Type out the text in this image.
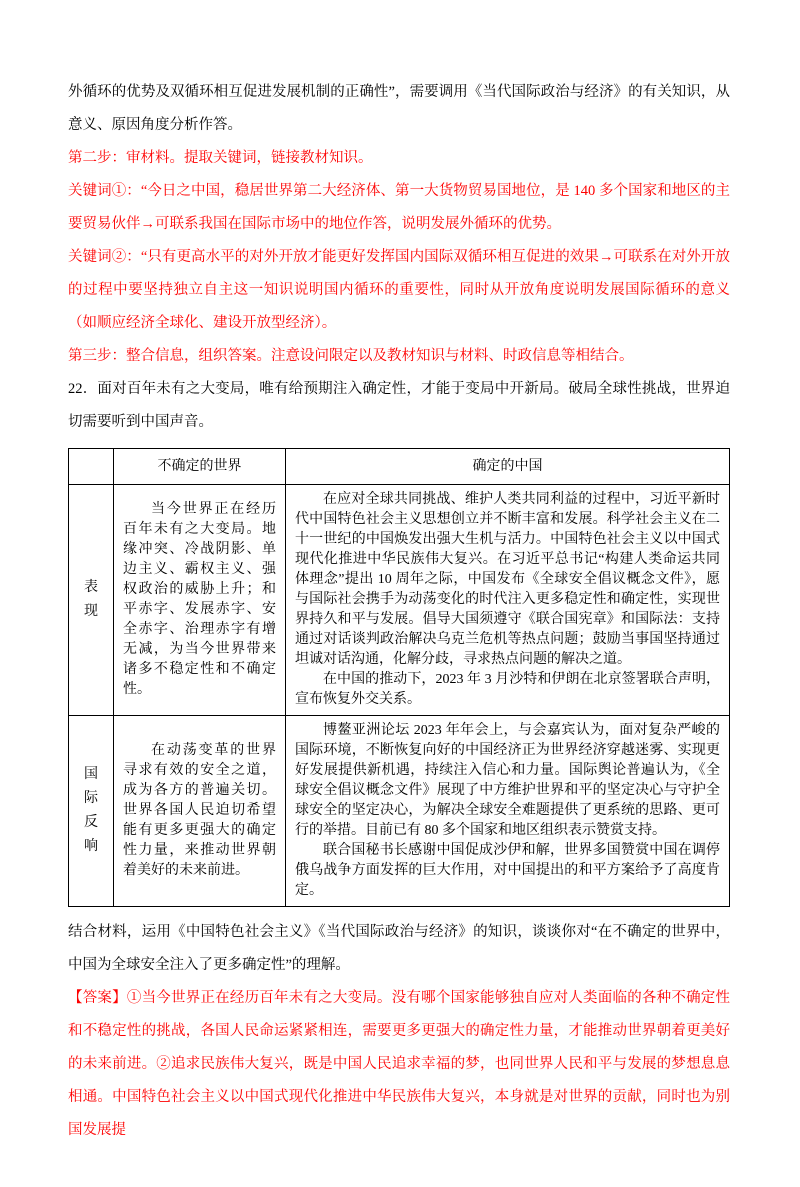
外循环的优势及双循环相互促进发展机制的正确性”，需要调用《当代国际政治与经济》的有关知识，从意义、原因角度分析作答。

第二步：审材料。提取关键词，链接教材知识。

关键词①：“今日之中国，稳居世界第二大经济体、第一大货物贸易国地位，是 140 多个国家和地区的主要贸易伙伴→可联系我国在国际市场中的地位作答，说明发展外循环的优势。

关键词②：“只有更高水平的对外开放才能更好发挥国内国际双循环相互促进的效果→可联系在对外开放的过程中要坚持独立自主这一知识说明国内循环的重要性，同时从开放角度说明发展国际循环的意义（如顺应经济全球化、建设开放型经济）。

第三步：整合信息，组织答案。注意设问限定以及教材知识与材料、时政信息等相结合。

22．面对百年未有之大变局，唯有给预期注入确定性，才能于变局中开新局。破局全球性挑战，世界迫切需要听到中国声音。

	不确定的世界	确定的中国

表现	当今世界正在经历百年未有之大变局。地缘冲突、冷战阴影、单边主义、霸权主义、强权政治的威胁上升；和平赤字、发展赤字、安全赤字、治理赤字有增无减，为当今世界带来诸多不稳定性和不确定性。	在应对全球共同挑战、维护人类共同利益的过程中，习近平新时代中国特色社会主义思想创立并不断丰富和发展。科学社会主义在二十一世纪的中国焕发出强大生机与活力。中国特色社会主义以中国式现代化推进中华民族伟大复兴。在习近平总书记“构建人类命运共同体理念”提出 10 周年之际，中国发布《全球安全倡议概念文件》，愿与国际社会携手为动荡变化的时代注入更多稳定性和确定性，实现世界持久和平与发展。倡导大国须遵守《联合国宪章》和国际法：支持通过对话谈判政治解决乌克兰危机等热点问题；鼓励当事国坚持通过坦诚对话沟通，化解分歧，寻求热点问题的解决之道。

在中国的推动下，2023 年 3 月沙特和伊朗在北京签署联合声明，宣布恢复外交关系。

国际反响	在动荡变革的世界寻求有效的安全之道，成为各方的普遍关切。世界各国人民迫切希望能有更多更强大的确定性力量，来推动世界朝着美好的未来前进。	博鳌亚洲论坛 2023 年年会上，与会嘉宾认为，面对复杂严峻的国际环境，不断恢复向好的中国经济正为世界经济穿越迷雾、实现更好发展提供新机遇，持续注入信心和力量。国际舆论普遍认为，《全球安全倡议概念文件》展现了中方维护世界和平的坚定决心与守护全球安全的坚定决心，为解决全球安全难题提供了更系统的思路、更可行的举措。目前已有 80 多个国家和地区组织表示赞赏支持。

联合国秘书长感谢中国促成沙伊和解，世界多国赞赏中国在调停俄乌战争方面发挥的巨大作用，对中国提出的和平方案给予了高度肯定。

结合材料，运用《中国特色社会主义》《当代国际政治与经济》的知识，谈谈你对“在不确定的世界中，中国为全球安全注入了更多确定性”的理解。

【答案】①当今世界正在经历百年未有之大变局。没有哪个国家能够独自应对人类面临的各种不确定性和不稳定性的挑战，各国人民命运紧紧相连，需要更多更强大的确定性力量，才能推动世界朝着更美好的未来前进。②追求民族伟大复兴，既是中国人民追求幸福的梦，也同世界人民和平与发展的梦想息息相通。中国特色社会主义以中国式现代化推进中华民族伟大复兴，本身就是对世界的贡献，同时也为别国发展提
